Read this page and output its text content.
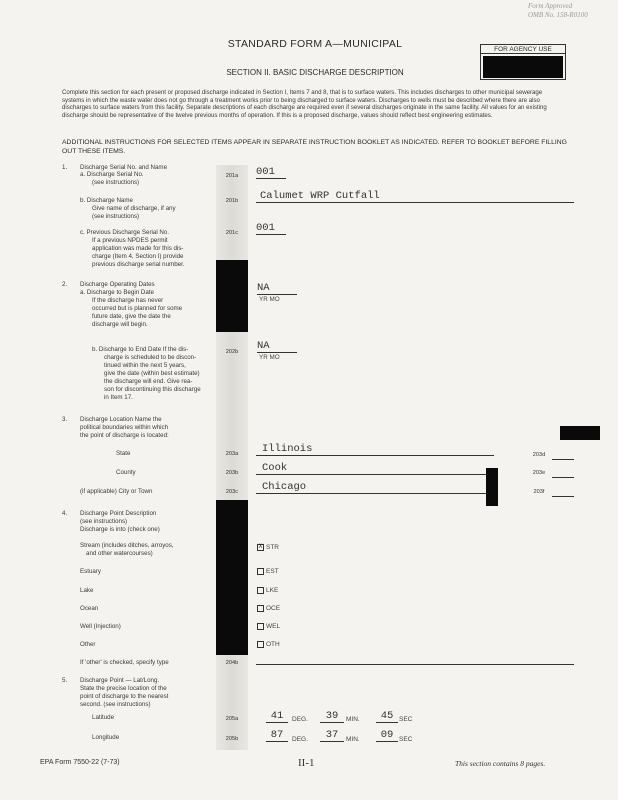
Form Approved
OMB No. 158-R0100
STANDARD FORM A—MUNICIPAL	FOR AGENCY USE
SECTION II. BASIC DISCHARGE DESCRIPTION
Complete this section for each present or proposed discharge indicated in Section I, Items 7 and 8, that is to surface waters. This includes discharges to other municipal sewerage systems in which the waste water does not go through a treatment works prior to being discharged to surface waters. Discharges to wells must be described where there are also discharges to surface waters from this facility. Separate descriptions of each discharge are required even if several discharges originate in the same facility. All values for an existing discharge should be representative of the twelve previous months of operation. If this is a proposed discharge, values should reflect best engineering estimates.
ADDITIONAL INSTRUCTIONS FOR SELECTED ITEMS APPEAR IN SEPARATE INSTRUCTION BOOKLET AS INDICATED. REFER TO BOOKLET BEFORE FILLING OUT THESE ITEMS.
1. Discharge Serial No. and Name
a. Discharge Serial No.
(see instructions)
201a	001
b. Discharge Name
Give name of discharge, if any
(see instructions)
201b	Calumet WRP Cutfall
c. Previous Discharge Serial No.
If a previous NPDES permit
application was made for this dis-
charge (Item 4, Section I) provide
previous discharge serial number.
201c	001
2. Discharge Operating Dates
a. Discharge to Begin Date
If the discharge has never
occurred but is planned for some
future date, give the date the
discharge will begin.
NA
YR MO
b. Discharge to End Date If the dis-
charge is scheduled to be discon-
tinued within the next 5 years,
give the date (within best estimate)
the discharge will end. Give rea-
son for discontinuing this discharge
in Item 17.
202b	NA
YR MO
3. Discharge Location Name the
political boundaries within which
the point of discharge is located:
State	203a	Illinois	203d
County	203b	Cook	203e
(if applicable) City or Town	203c	Chicago	203f
4. Discharge Point Description
(see instructions)
Discharge is into (check one)
Stream (includes ditches, arroyos,
and other watercourses)
X STR
Estuary	EST
Lake	LKE
Ocean	OCE
Well (Injection)	WEL
Other	OTH
If 'other' is checked, specify type	204b
5. Discharge Point — Lat/Long.
State the precise location of the
point of discharge to the nearest
second. (see instructions)
Latitude	205a	41	DEG.	39	MIN.	45 SEC
Longitude	205b	87	DEG.	37	MIN.	09 SEC
EPA Form 7550-22 (7-73)	II-1	This section contains 8 pages.
